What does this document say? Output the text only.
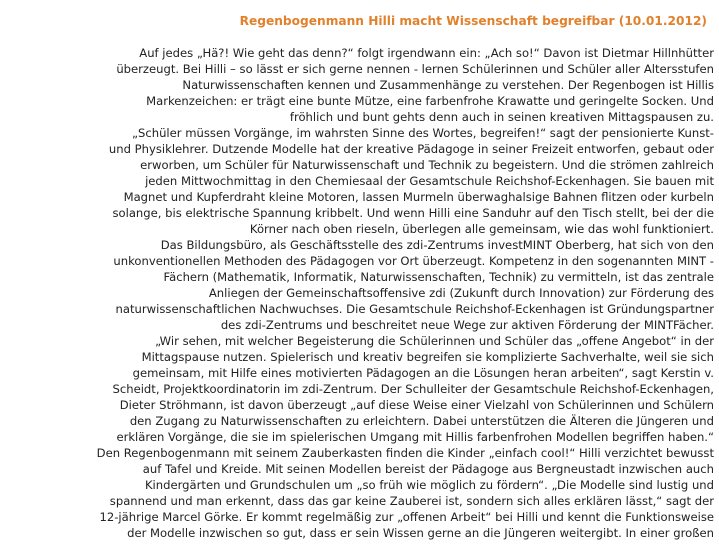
Regenbogenmann Hilli macht Wissenschaft begreifbar (10.01.2012)
Auf jedes „Hä?! Wie geht das denn?“ folgt irgendwann ein: „Ach so!“ Davon ist Dietmar Hillnhütter
überzeugt. Bei Hilli – so lässt er sich gerne nennen - lernen Schülerinnen und Schüler aller Altersstufen
Naturwissenschaften kennen und Zusammenhänge zu verstehen. Der Regenbogen ist Hillis
Markenzeichen: er trägt eine bunte Mütze, eine farbenfrohe Krawatte und geringelte Socken. Und
fröhlich und bunt gehts denn auch in seinen kreativen Mittagspausen zu.
„Schüler müssen Vorgänge, im wahrsten Sinne des Wortes, begreifen!“ sagt der pensionierte Kunst-
und Physiklehrer. Dutzende Modelle hat der kreative Pädagoge in seiner Freizeit entworfen, gebaut oder
erworben, um Schüler für Naturwissenschaft und Technik zu begeistern. Und die strömen zahlreich
jeden Mittwochmittag in den Chemiesaal der Gesamtschule Reichshof-Eckenhagen. Sie bauen mit
Magnet und Kupferdraht kleine Motoren, lassen Murmeln überwaghalsige Bahnen flitzen oder kurbeln
solange, bis elektrische Spannung kribbelt. Und wenn Hilli eine Sanduhr auf den Tisch stellt, bei der die
Körner nach oben rieseln, überlegen alle gemeinsam, wie das wohl funktioniert.
Das Bildungsbüro, als Geschäftsstelle des zdi-Zentrums investMINT Oberberg, hat sich von den
unkonventionellen Methoden des Pädagogen vor Ort überzeugt. Kompetenz in den sogenannten MINT -
Fächern (Mathematik, Informatik, Naturwissenschaften, Technik) zu vermitteln, ist das zentrale
Anliegen der Gemeinschaftsoffensive zdi (Zukunft durch Innovation) zur Förderung des
naturwissenschaftlichen Nachwuchses. Die Gesamtschule Reichshof-Eckenhagen ist Gründungspartner
des zdi-Zentrums und beschreitet neue Wege zur aktiven Förderung der MINTFächer.
„Wir sehen, mit welcher Begeisterung die Schülerinnen und Schüler das „offene Angebot“ in der
Mittagspause nutzen. Spielerisch und kreativ begreifen sie komplizierte Sachverhalte, weil sie sich
gemeinsam, mit Hilfe eines motivierten Pädagogen an die Lösungen heran arbeiten“, sagt Kerstin v.
Scheidt, Projektkoordinatorin im zdi-Zentrum. Der Schulleiter der Gesamtschule Reichshof-Eckenhagen,
Dieter Ströhmann, ist davon überzeugt „auf diese Weise einer Vielzahl von Schülerinnen und Schülern
den Zugang zu Naturwissenschaften zu erleichtern. Dabei unterstützen die Älteren die Jüngeren und
erklären Vorgänge, die sie im spielerischen Umgang mit Hillis farbenfrohen Modellen begriffen haben.“
Den Regenbogenmann mit seinem Zauberkasten finden die Kinder „einfach cool!“ Hilli verzichtet bewusst
auf Tafel und Kreide. Mit seinen Modellen bereist der Pädagoge aus Bergneustadt inzwischen auch
Kindergärten und Grundschulen um „so früh wie möglich zu fördern“. „Die Modelle sind lustig und
spannend und man erkennt, dass das gar keine Zauberei ist, sondern sich alles erklären lässt,“ sagt der
12-jährige Marcel Görke. Er kommt regelmäßig zur „offenen Arbeit“ bei Hilli und kennt die Funktionsweise
der Modelle inzwischen so gut, dass er sein Wissen gerne an die Jüngeren weitergibt. In einer großen
